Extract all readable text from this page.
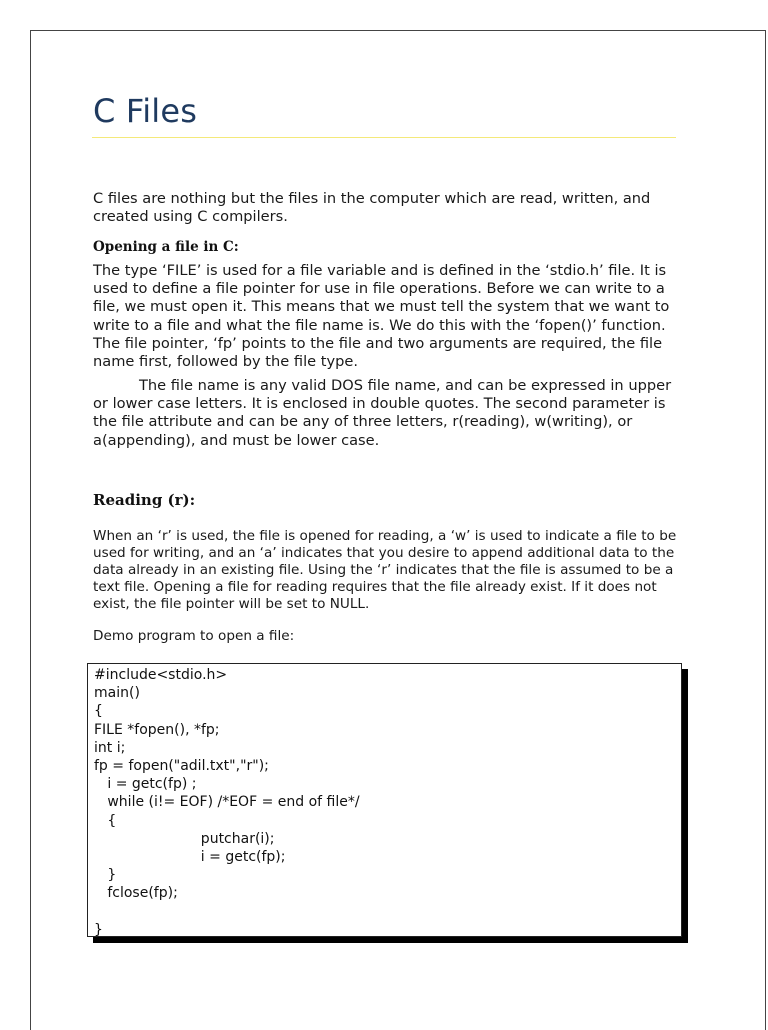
C Files

C files are nothing but the files in the computer which are read, written, and created using C compilers.

Opening a file in C:

The type ‘FILE’ is used for a file variable and is defined in the ‘stdio.h’ file. It is used to define a file pointer for use in file operations. Before we can write to a file, we must open it. This means that we must tell the system that we want to write to a file and what the file name is. We do this with the ‘fopen()’ function. The file pointer, ‘fp’ points to the file and two arguments are required, the file name first, followed by the file type.

The file name is any valid DOS file name, and can be expressed in upper or lower case letters. It is enclosed in double quotes. The second parameter is the file attribute and can be any of three letters, r(reading), w(writing), or a(appending), and must be lower case.

Reading (r):

When an ‘r’ is used, the file is opened for reading, a ‘w’ is used to indicate a file to be used for writing, and an ‘a’ indicates that you desire to append additional data to the data already in an existing file. Using the ‘r’ indicates that the file is assumed to be a text file. Opening a file for reading requires that the file already exist. If it does not exist, the file pointer will be set to NULL.

Demo program to open a file:

#include<stdio.h>
main()
{
FILE *fopen(), *fp;
int i;
fp = fopen("adil.txt","r");
i = getc(fp) ;
while (i!= EOF) /*EOF = end of file*/
{
putchar(i);
i = getc(fp);
}
fclose(fp);
}
